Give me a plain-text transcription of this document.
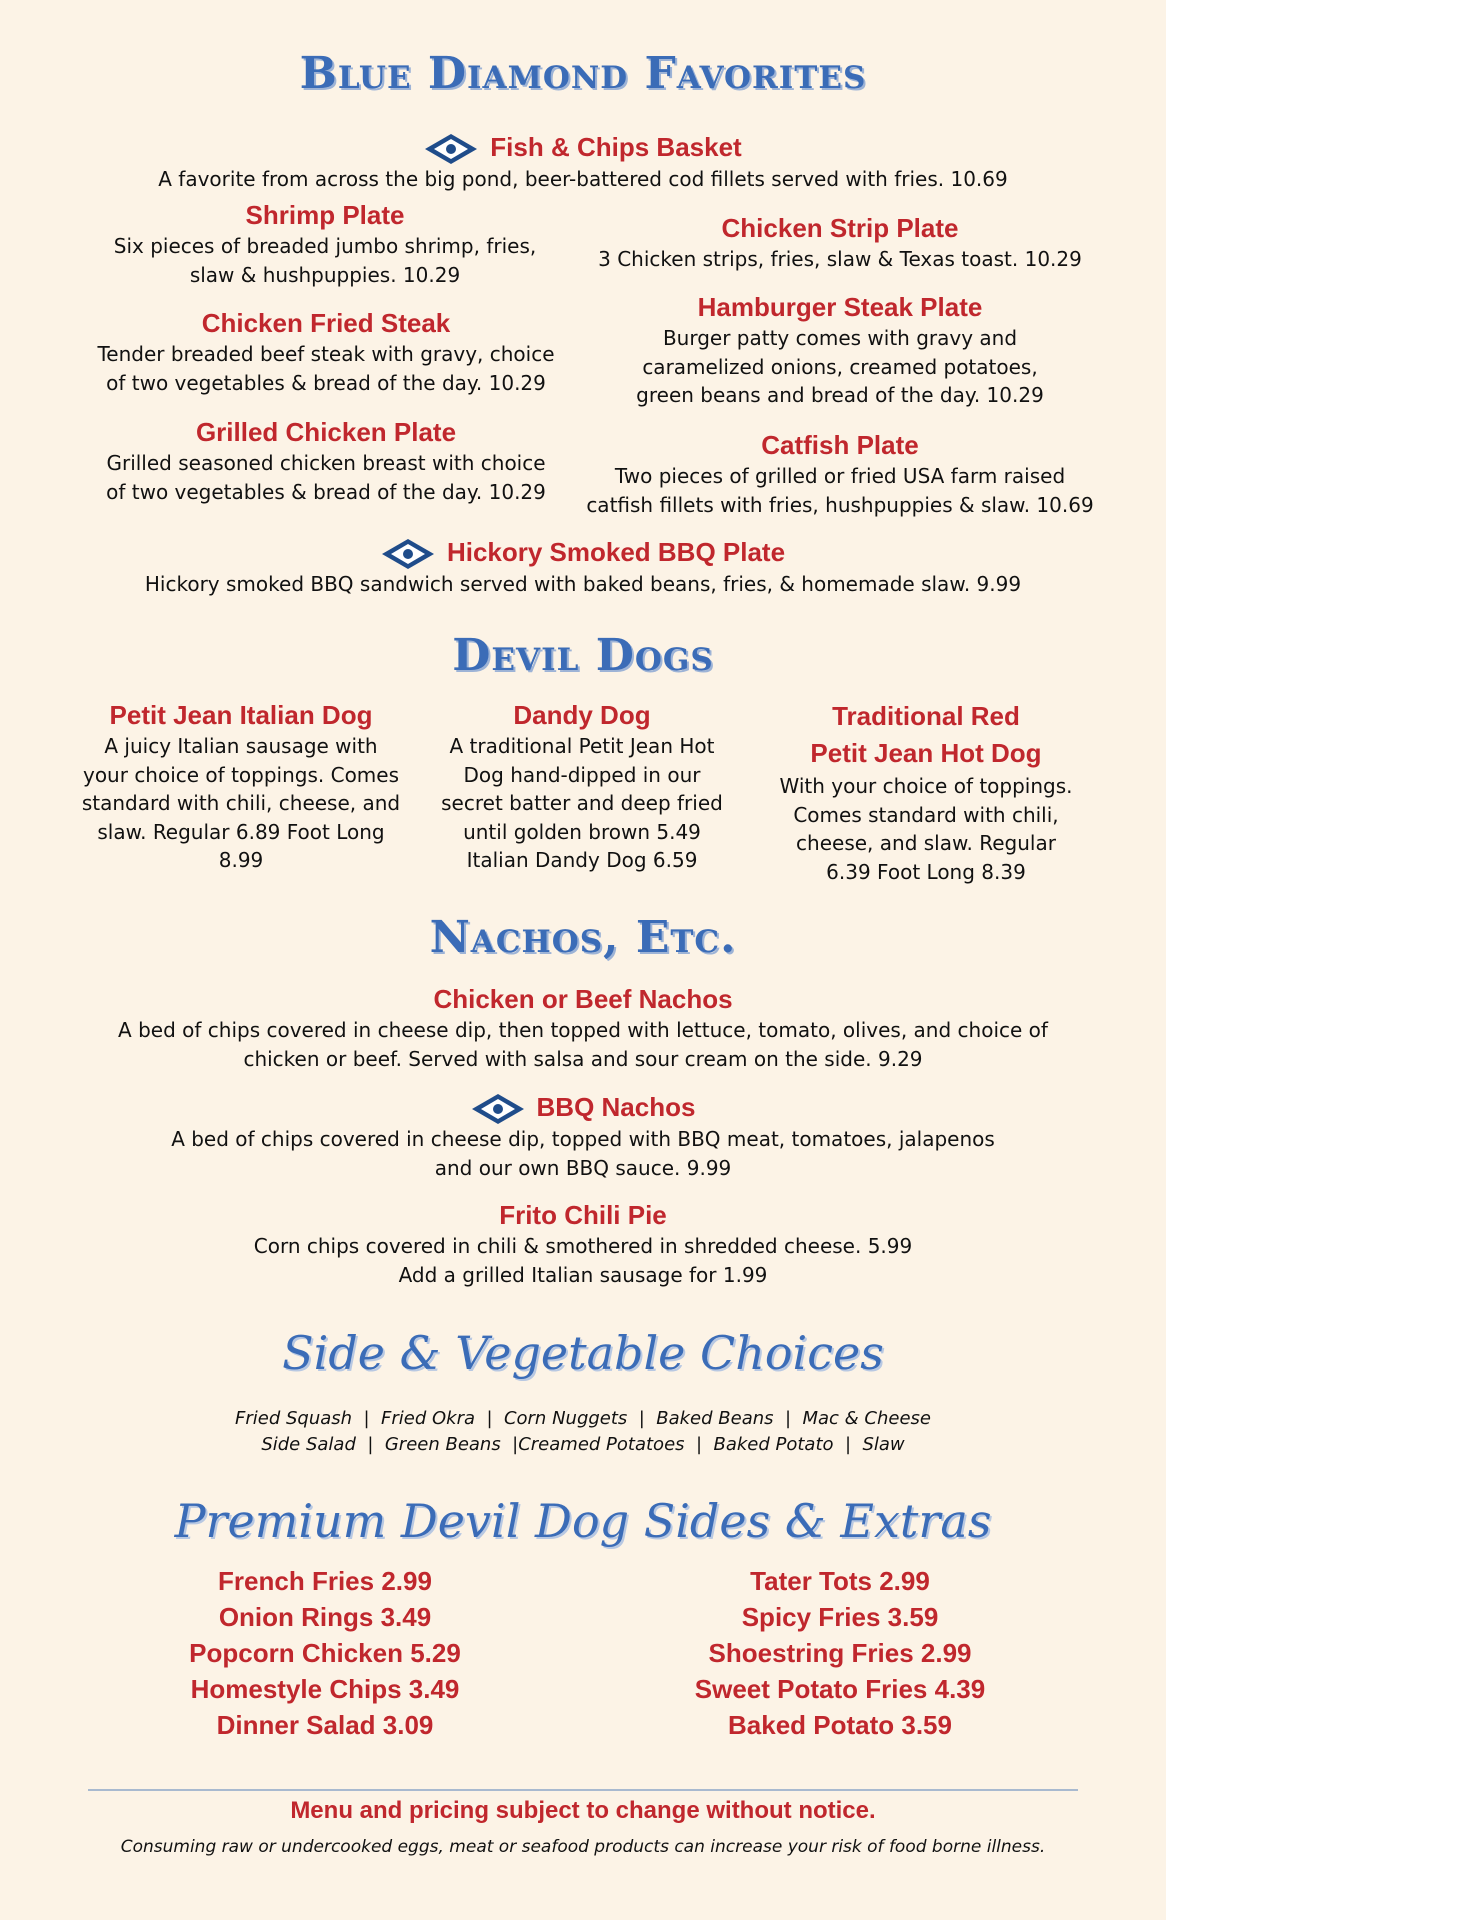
Blue Diamond Favorites
Fish & Chips Basket
A favorite from across the big pond, beer-battered cod fillets served with fries. 10.69
Shrimp Plate
Six pieces of breaded jumbo shrimp, fries, slaw & hushpuppies. 10.29
Chicken Strip Plate
3 Chicken strips, fries, slaw & Texas toast. 10.29
Chicken Fried Steak
Tender breaded beef steak with gravy, choice of two vegetables & bread of the day. 10.29
Hamburger Steak Plate
Burger patty comes with gravy and caramelized onions, creamed potatoes, green beans and bread of the day. 10.29
Grilled Chicken Plate
Grilled seasoned chicken breast with choice of two vegetables & bread of the day. 10.29
Catfish Plate
Two pieces of grilled or fried USA farm raised catfish fillets with fries, hushpuppies & slaw. 10.69
Hickory Smoked BBQ Plate
Hickory smoked BBQ sandwich served with baked beans, fries, & homemade slaw. 9.99
Devil Dogs
Petit Jean Italian Dog
A juicy Italian sausage with your choice of toppings. Comes standard with chili, cheese, and slaw. Regular 6.89 Foot Long 8.99
Dandy Dog
A traditional Petit Jean Hot Dog hand-dipped in our secret batter and deep fried until golden brown 5.49 Italian Dandy Dog 6.59
Traditional Red
Petit Jean Hot Dog
With your choice of toppings. Comes standard with chili, cheese, and slaw. Regular 6.39 Foot Long 8.39
Nachos, Etc.
Chicken or Beef Nachos
A bed of chips covered in cheese dip, then topped with lettuce, tomato, olives, and choice of chicken or beef. Served with salsa and sour cream on the side. 9.29
BBQ Nachos
A bed of chips covered in cheese dip, topped with BBQ meat, tomatoes, jalapenos and our own BBQ sauce. 9.99
Frito Chili Pie
Corn chips covered in chili & smothered in shredded cheese. 5.99
Add a grilled Italian sausage for 1.99
Side & Vegetable Choices
Fried Squash  |  Fried Okra  |  Corn Nuggets  |  Baked Beans  |  Mac & Cheese
Side Salad  |  Green Beans  |Creamed Potatoes  |  Baked Potato  |  Slaw
Premium Devil Dog Sides & Extras
French Fries 2.99
Onion Rings 3.49
Popcorn Chicken 5.29
Homestyle Chips 3.49
Dinner Salad 3.09
Tater Tots 2.99
Spicy Fries 3.59
Shoestring Fries 2.99
Sweet Potato Fries 4.39
Baked Potato 3.59
Menu and pricing subject to change without notice.
Consuming raw or undercooked eggs, meat or seafood products can increase your risk of food borne illness.
